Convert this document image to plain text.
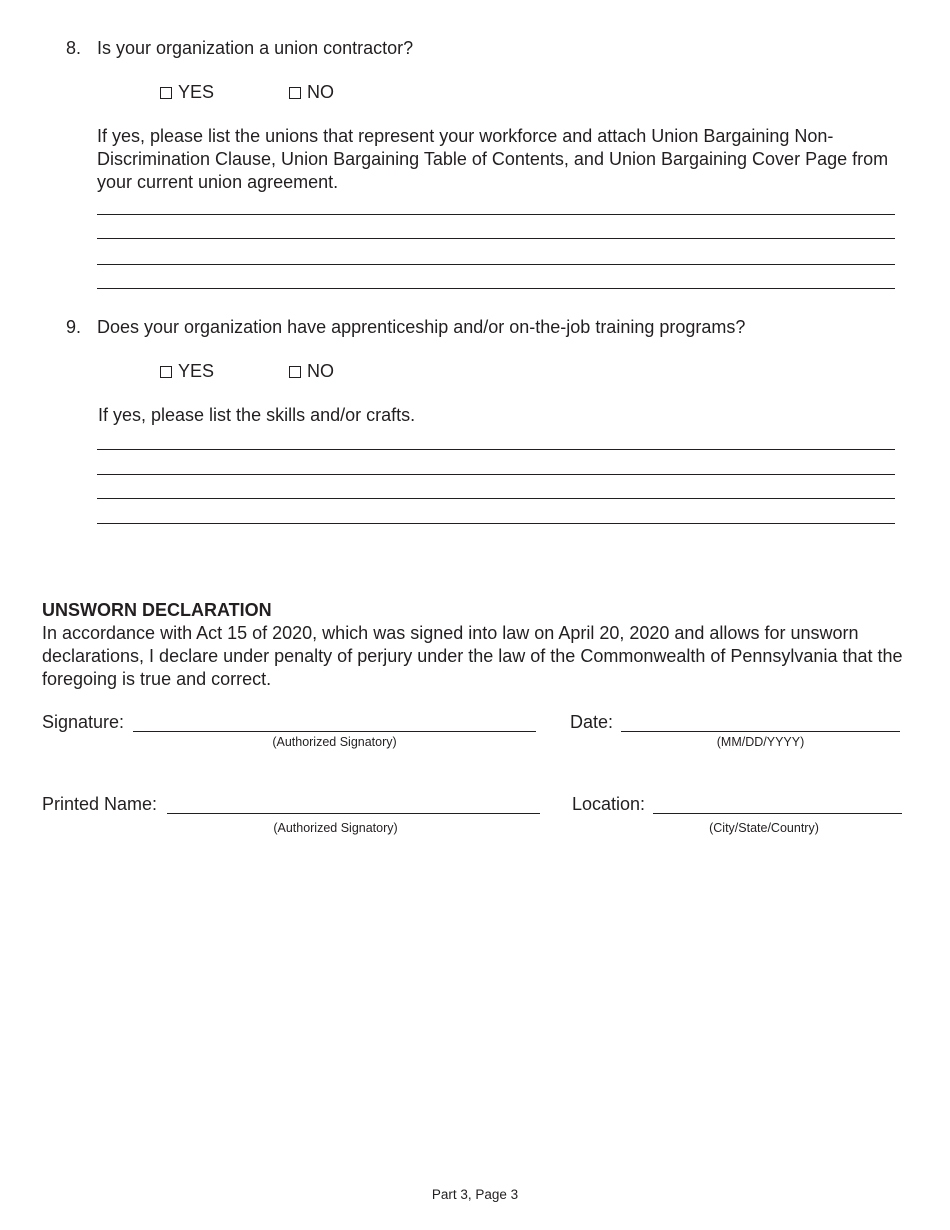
8. Is your organization a union contractor?
YES	NO
If yes, please list the unions that represent your workforce and attach Union Bargaining Non-Discrimination Clause, Union Bargaining Table of Contents, and Union Bargaining Cover Page from your current union agreement.
9. Does your organization have apprenticeship and/or on-the-job training programs?
YES	NO
If yes, please list the skills and/or crafts.
UNSWORN DECLARATION
In accordance with Act 15 of 2020, which was signed into law on April 20, 2020 and allows for unsworn declarations, I declare under penalty of perjury under the law of the Commonwealth of Pennsylvania that the foregoing is true and correct.
Signature:
(Authorized Signatory)
Date:
(MM/DD/YYYY)
Printed Name:
(Authorized Signatory)
Location:
(City/State/Country)
Part 3, Page 3
